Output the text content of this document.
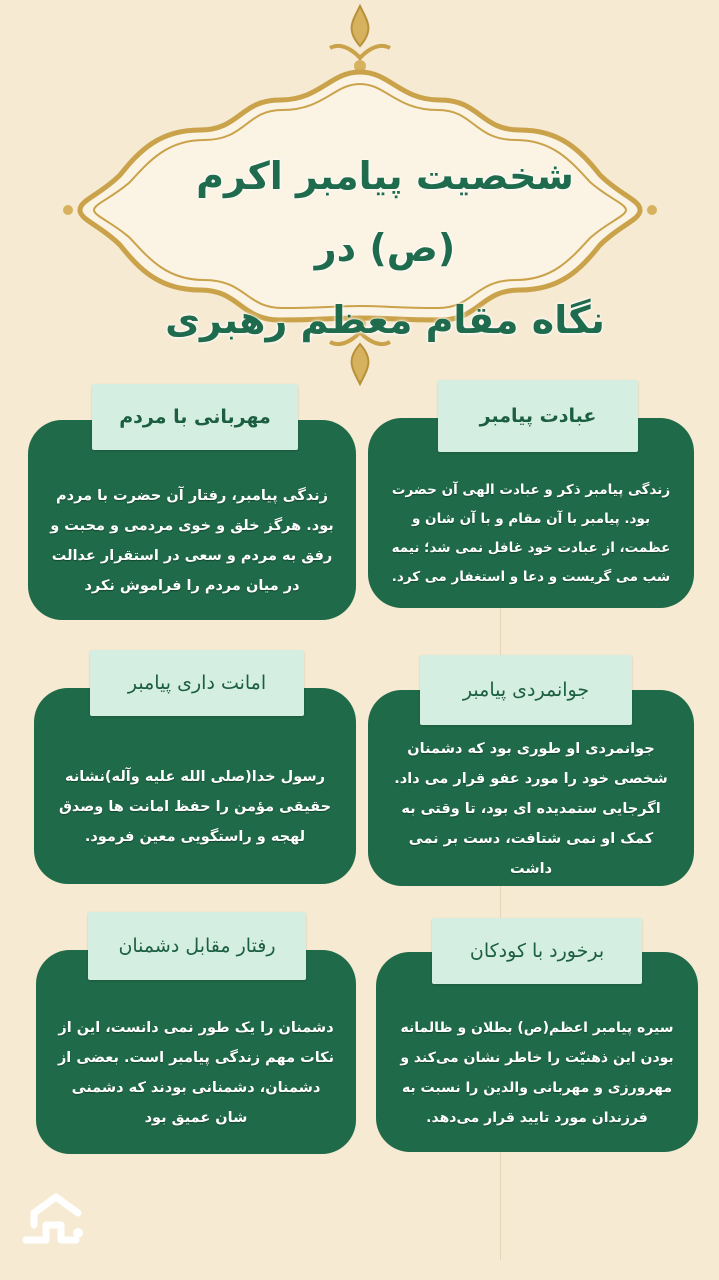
شخصیت پیامبر اکرم (ص) در
نگاه مقام معظم رهبری
زندگی پیامبر ذکر و عبادت الهی آن حضرت بود. پیامبر با آن مقام و با آن شان و عظمت، از عبادت خود غافل نمی شد؛ نیمه شب می گریست و دعا و استغفار می کرد.
عبادت پیامبر
زندگی پیامبر، رفتار آن حضرت با مردم بود. هرگز خلق و خوی مردمی و محبت و رفق به مردم و سعی در استقرار عدالت در میان مردم را فراموش نکرد
مهربانی با مردم
جوانمردی او طوری بود که دشمنان شخصی خود را مورد عفو قرار می داد. اگرجایی ستمدیده ای بود، تا وقتی به کمک او نمی شتافت، دست بر نمی داشت
جوانمردی پیامبر
رسول خدا(صلی الله علیه وآله)نشانه حقیقی مؤمن را حفظ امانت ها وصدق لهجه و راستگویی معین فرمود.
امانت داری پیامبر
سیره پیامبر اعظم(ص) بطلان و ظالمانه بودن این ذهنیّت را خاطر نشان می‌کند و مهرورزی و مهربانی والدین را نسبت به فرزندان مورد تایید قرار می‌دهد.
برخورد با کودکان
دشمنان را یک طور نمی دانست، این از نکات مهم زندگی پیامبر است. بعضی از دشمنان، دشمنانی بودند که دشمنی شان عمیق بود
رفتار مقابل دشمنان
